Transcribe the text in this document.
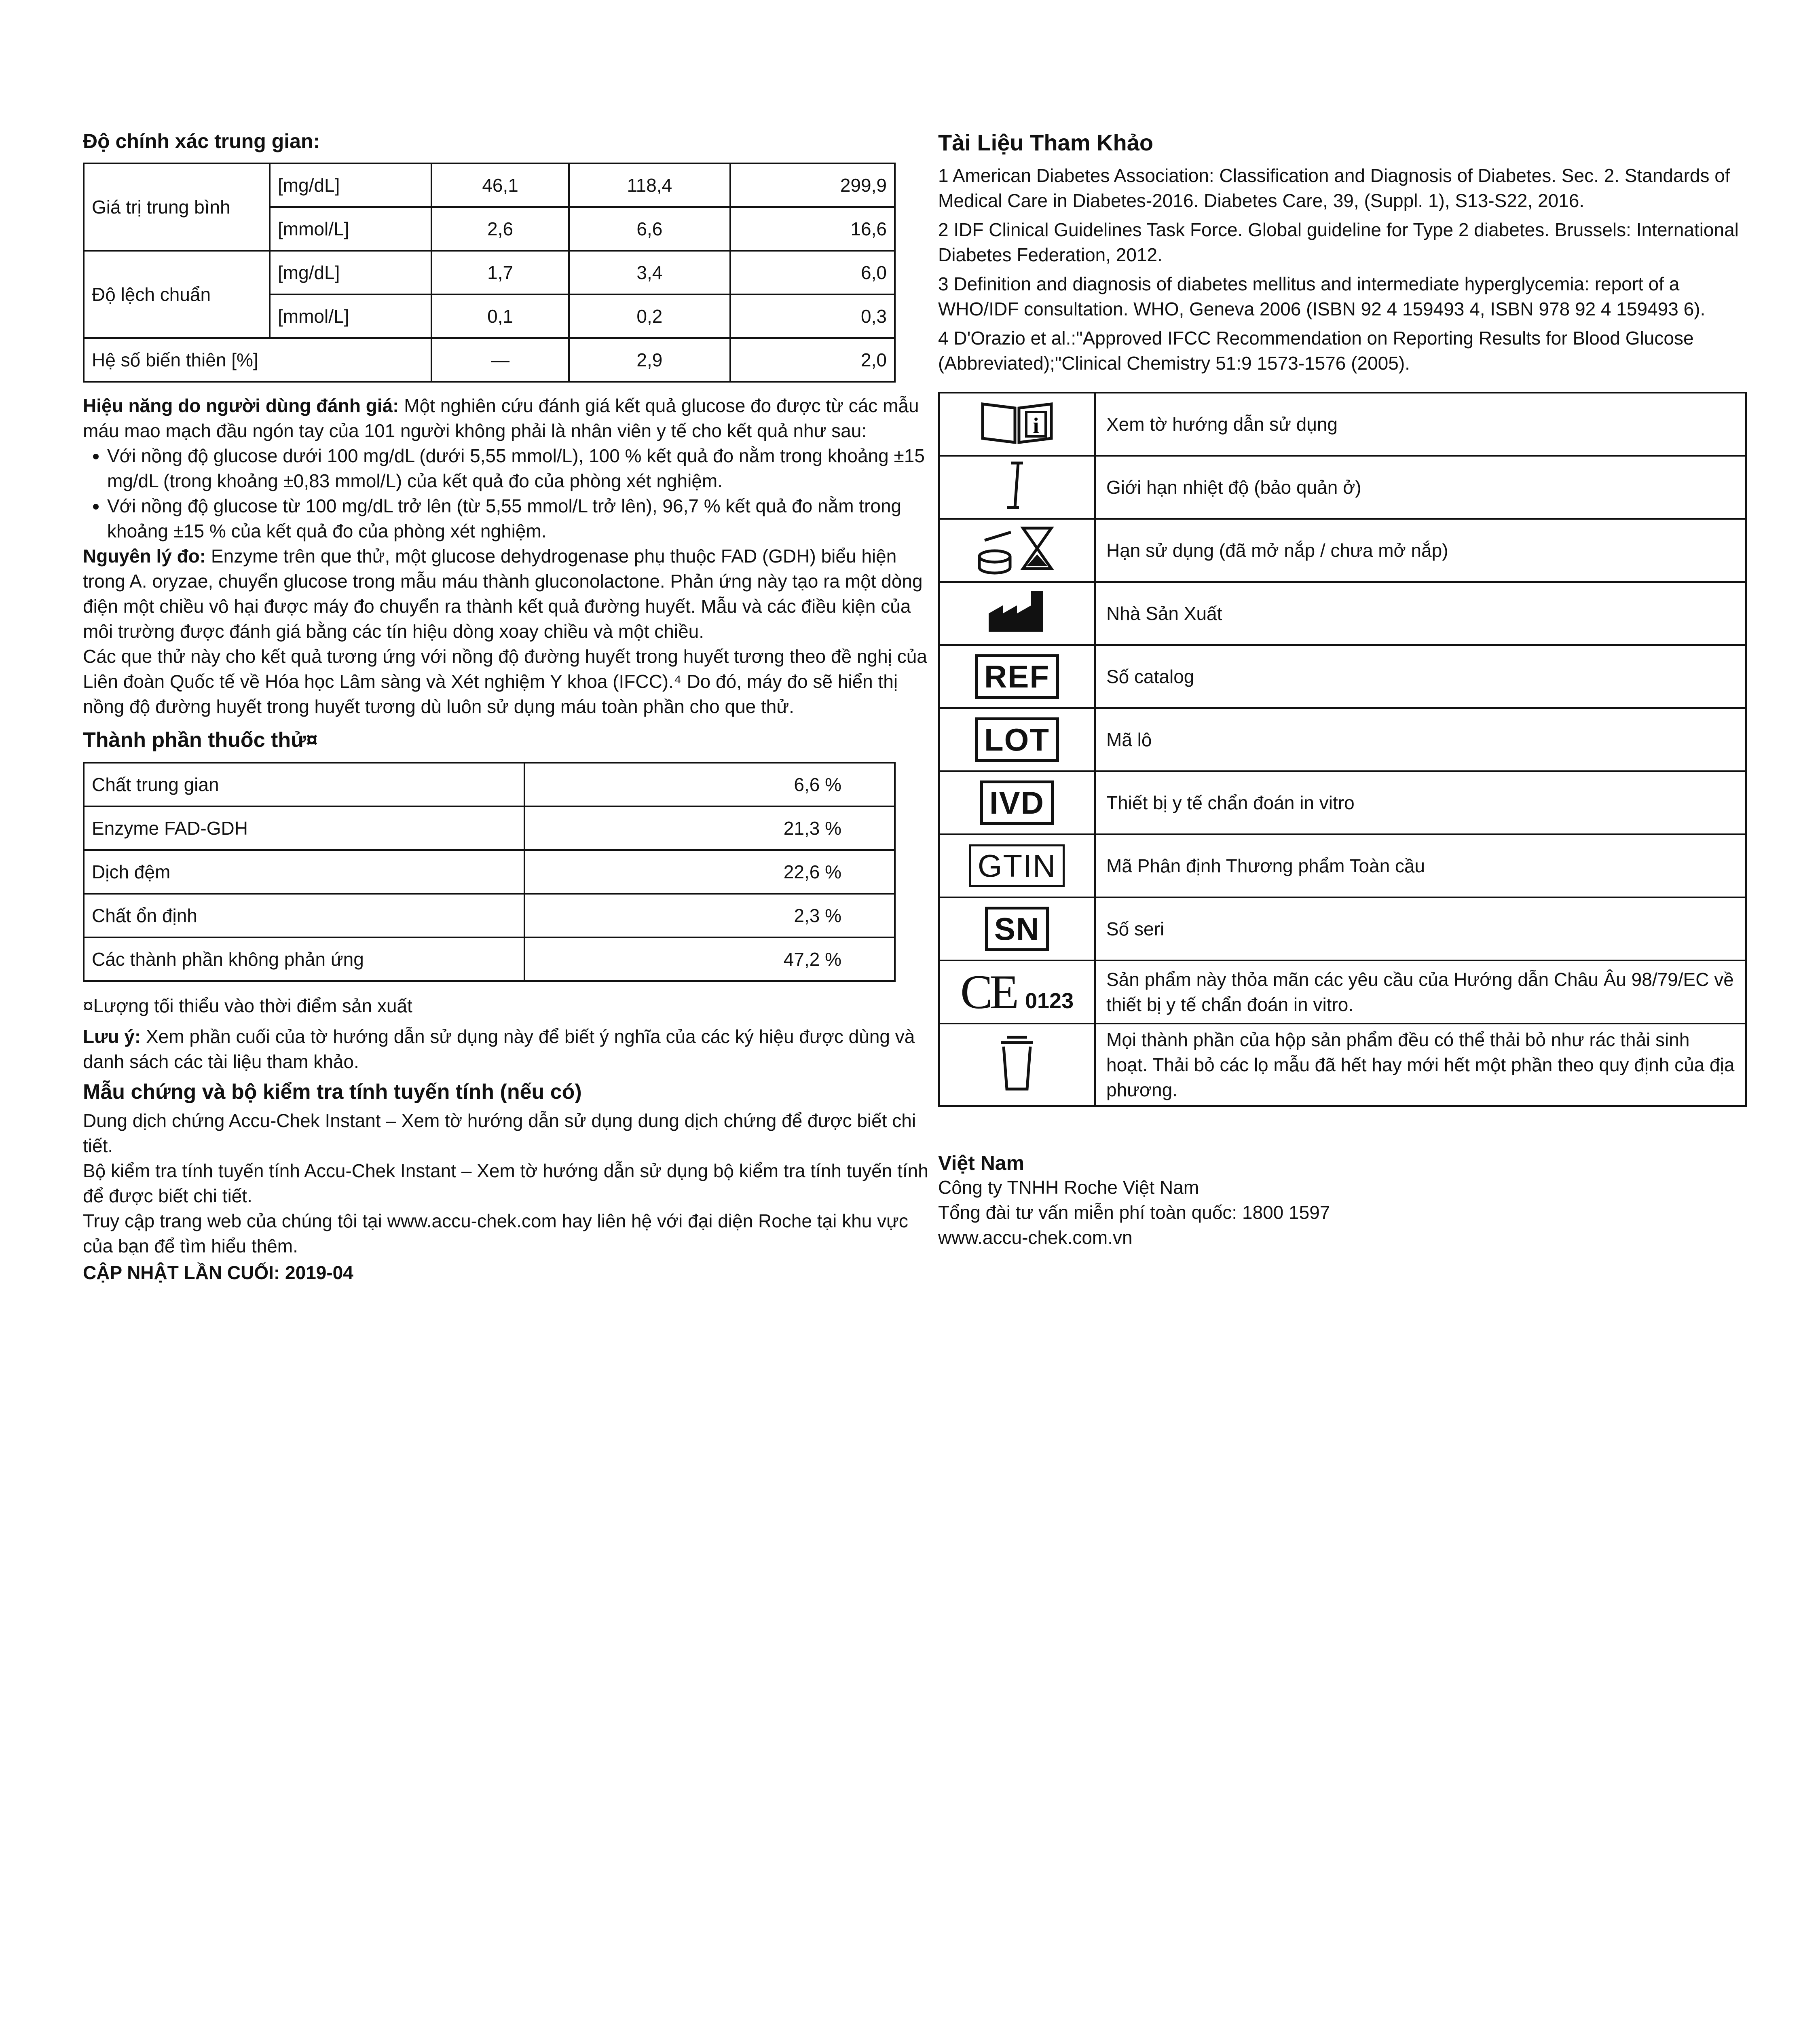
Độ chính xác trung gian:

Giá trị trung bình	[mg/dL]	46,1	118,4	299,9
	[mmol/L]	2,6	6,6	16,6
Độ lệch chuẩn	[mg/dL]	1,7	3,4	6,0
	[mmol/L]	0,1	0,2	0,3
Hệ số biến thiên [%]		—	2,9	2,0

Hiệu năng do người dùng đánh giá: Một nghiên cứu đánh giá kết quả glucose đo được từ các mẫu máu mao mạch đầu ngón tay của 101 người không phải là nhân viên y tế cho kết quả như sau:

• Với nồng độ glucose dưới 100 mg/dL (dưới 5,55 mmol/L), 100 % kết quả đo nằm trong khoảng ±15 mg/dL (trong khoảng ±0,83 mmol/L) của kết quả đo của phòng xét nghiệm.
• Với nồng độ glucose từ 100 mg/dL trở lên (từ 5,55 mmol/L trở lên), 96,7 % kết quả đo nằm trong khoảng ±15 % của kết quả đo của phòng xét nghiệm.

Nguyên lý đo: Enzyme trên que thử, một glucose dehydrogenase phụ thuộc FAD (GDH) biểu hiện trong A. oryzae, chuyển glucose trong mẫu máu thành gluconolactone. Phản ứng này tạo ra một dòng điện một chiều vô hại được máy đo chuyển ra thành kết quả đường huyết. Mẫu và các điều kiện của môi trường được đánh giá bằng các tín hiệu dòng xoay chiều và một chiều.

Các que thử này cho kết quả tương ứng với nồng độ đường huyết trong huyết tương theo đề nghị của Liên đoàn Quốc tế về Hóa học Lâm sàng và Xét nghiệm Y khoa (IFCC).⁴ Do đó, máy đo sẽ hiển thị nồng độ đường huyết trong huyết tương dù luôn sử dụng máu toàn phần cho que thử.

Thành phần thuốc thử¤

Chất trung gian	6,6 %
Enzyme FAD-GDH	21,3 %
Dịch đệm	22,6 %
Chất ổn định	2,3 %
Các thành phần không phản ứng	47,2 %

¤Lượng tối thiểu vào thời điểm sản xuất

Lưu ý: Xem phần cuối của tờ hướng dẫn sử dụng này để biết ý nghĩa của các ký hiệu được dùng và danh sách các tài liệu tham khảo.

Mẫu chứng và bộ kiểm tra tính tuyến tính (nếu có)

Dung dịch chứng Accu-Chek Instant – Xem tờ hướng dẫn sử dụng dung dịch chứng để được biết chi tiết.

Bộ kiểm tra tính tuyến tính Accu-Chek Instant – Xem tờ hướng dẫn sử dụng bộ kiểm tra tính tuyến tính để được biết chi tiết.

Truy cập trang web của chúng tôi tại www.accu-chek.com hay liên hệ với đại diện Roche tại khu vực của bạn để tìm hiểu thêm.

CẬP NHẬT LẦN CUỐI: 2019-04

Tài Liệu Tham Khảo

1 American Diabetes Association: Classification and Diagnosis of Diabetes. Sec. 2. Standards of Medical Care in Diabetes-2016. Diabetes Care, 39, (Suppl. 1), S13-S22, 2016.
2 IDF Clinical Guidelines Task Force. Global guideline for Type 2 diabetes. Brussels: International Diabetes Federation, 2012.
3 Definition and diagnosis of diabetes mellitus and intermediate hyperglycemia: report of a WHO/IDF consultation. WHO, Geneva 2006 (ISBN 92 4 159493 4, ISBN 978 92 4 159493 6).
4 D'Orazio et al.:"Approved IFCC Recommendation on Reporting Results for Blood Glucose (Abbreviated);"Clinical Chemistry 51:9 1573-1576 (2005).
i	Xem tờ hướng dẫn sử dụng
	Giới hạn nhiệt độ (bảo quản ở)
	Hạn sử dụng (đã mở nắp / chưa mở nắp)
	Nhà Sản Xuất
REF	Số catalog
LOT	Mã lô
IVD	Thiết bị y tế chẩn đoán in vitro
GTIN	Mã Phân định Thương phẩm Toàn cầu
SN	Số seri
CE 0123	Sản phẩm này thỏa mãn các yêu cầu của Hướng dẫn Châu Âu 98/79/EC về thiết bị y tế chẩn đoán in vitro.
	Mọi thành phần của hộp sản phẩm đều có thể thải bỏ như rác thải sinh hoạt. Thải bỏ các lọ mẫu đã hết hay mới hết một phần theo quy định của địa phương.

Việt Nam

Công ty TNHH Roche Việt Nam

Tổng đài tư vấn miễn phí toàn quốc: 1800 1597

www.accu-chek.com.vn
